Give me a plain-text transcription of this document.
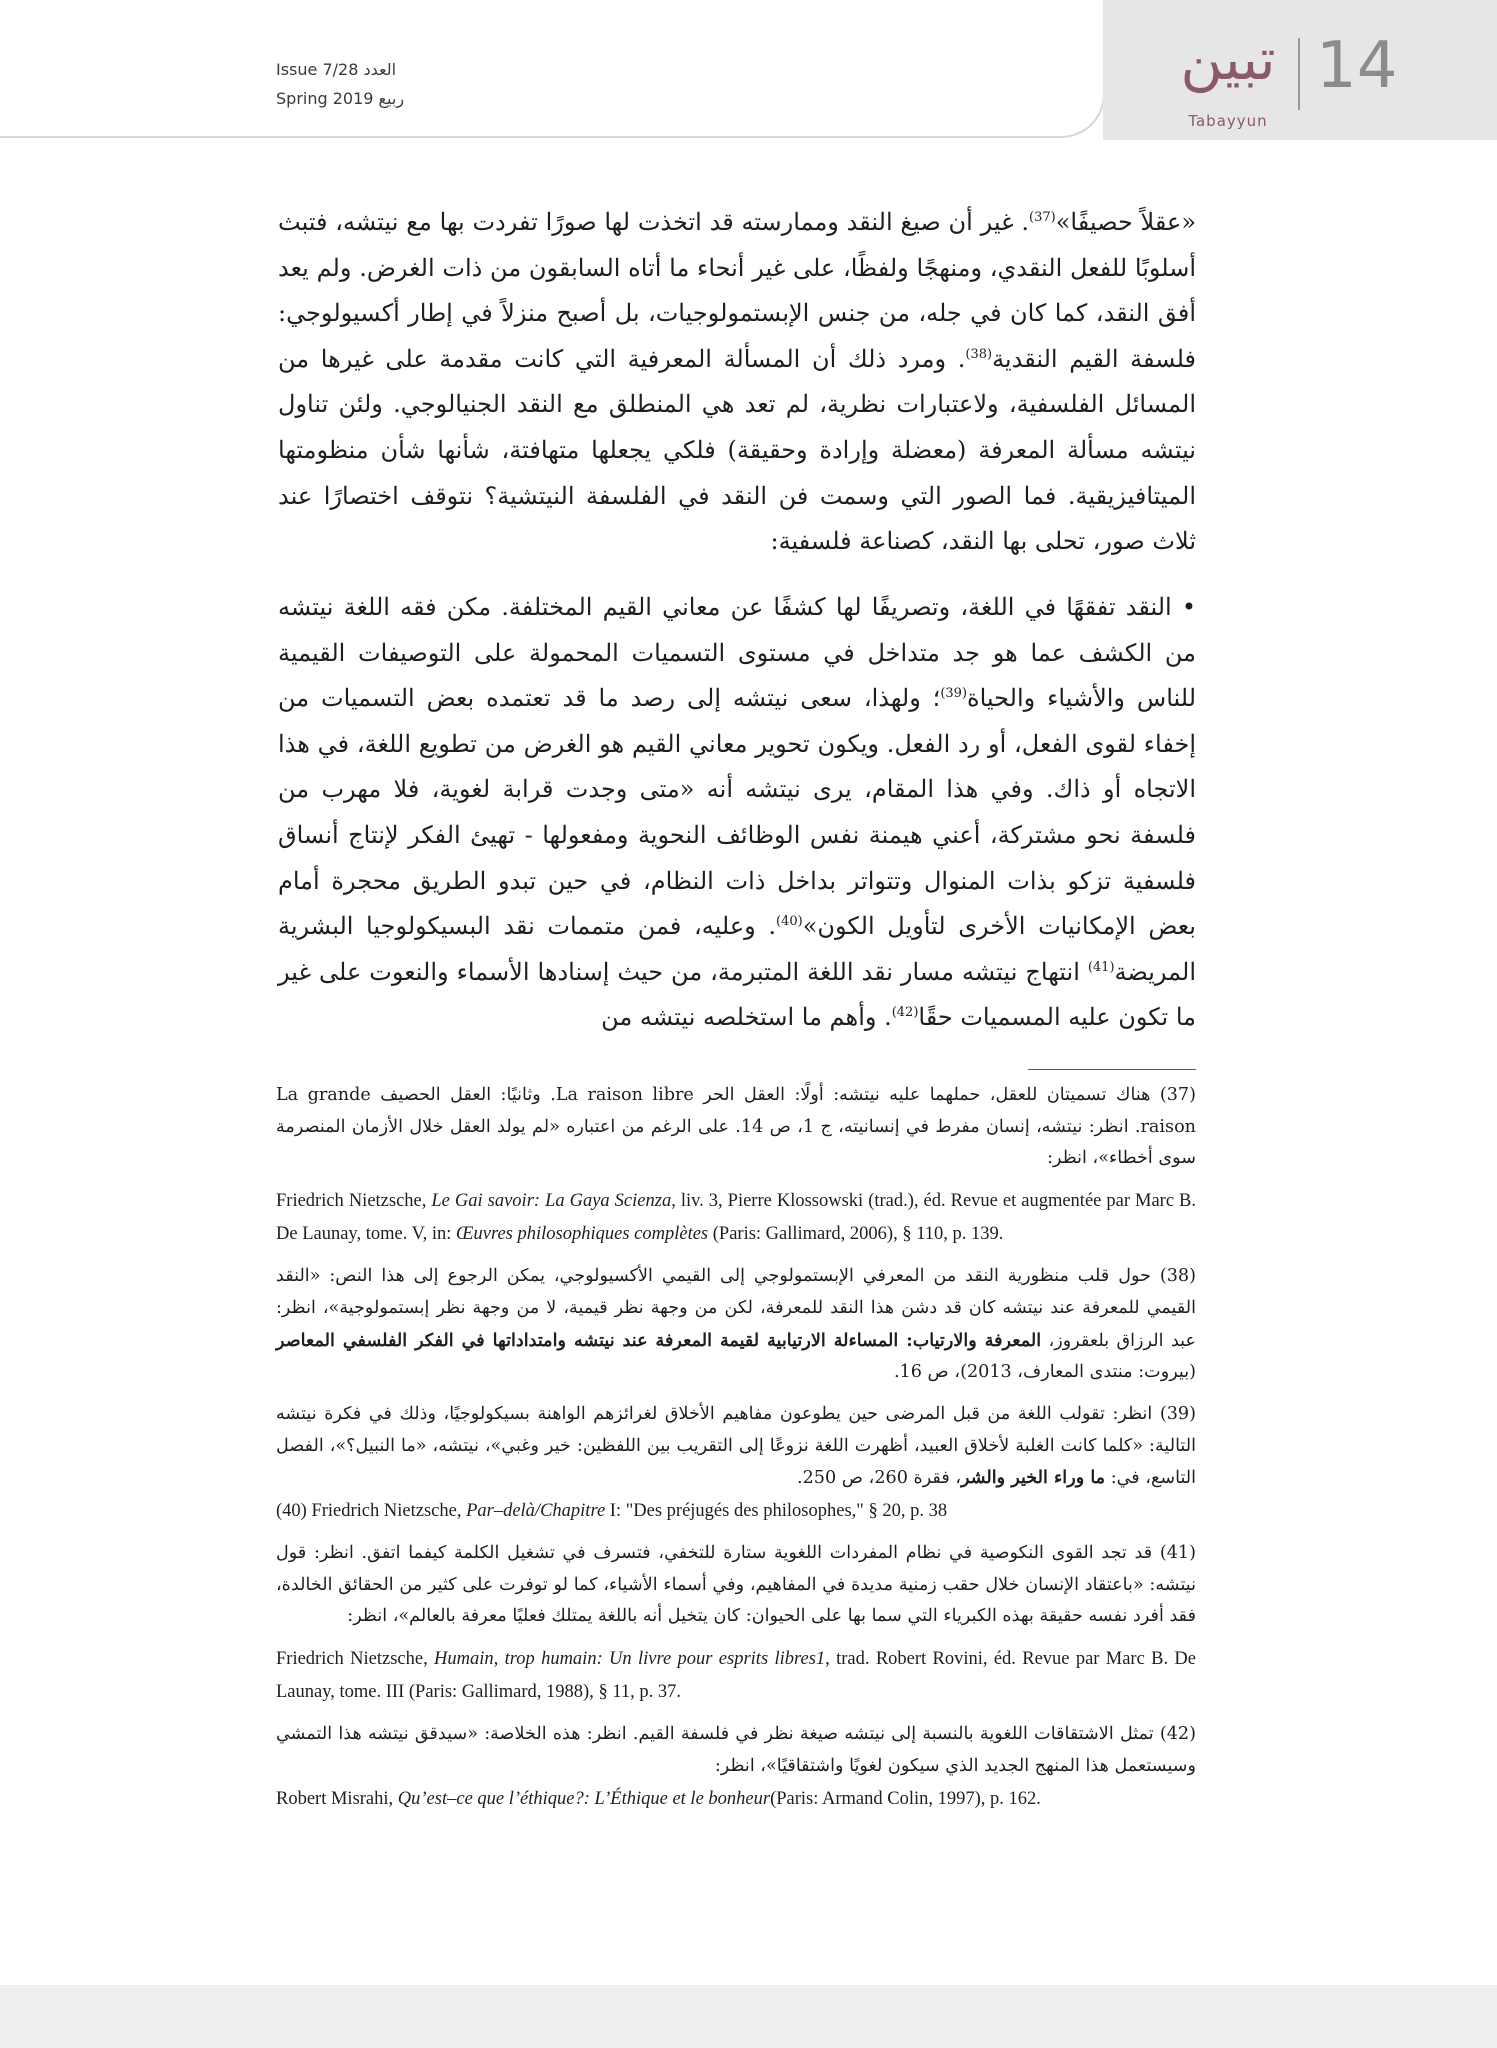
تبين
Tabayyun
14
Issue 7/28 العدد
Spring 2019 ربيع

«عقلاً حصيفًا»$^{(37)}$. غير أن صيغ النقد وممارسته قد اتخذت لها صورًا تفردت بها مع نيتشه، فتبث أسلوبًا للفعل النقدي، ومنهجًا ولفظًا، على غير أنحاء ما أتاه السابقون من ذات الغرض. ولم يعد أفق النقد، كما كان في جله، من جنس الإبستمولوجيات، بل أصبح منزلاً في إطار أكسيولوجي: فلسفة القيم النقدية$^{(38)}$. ومرد ذلك أن المسألة المعرفية التي كانت مقدمة على غيرها من المسائل الفلسفية، ولاعتبارات نظرية، لم تعد هي المنطلق مع النقد الجنيالوجي. ولئن تناول نيتشه مسألة المعرفة (معضلة وإرادة وحقيقة) فلكي يجعلها متهافتة، شأنها شأن منظومتها الميتافيزيقية. فما الصور التي وسمت فن النقد في الفلسفة النيتشية؟ نتوقف اختصارًا عند ثلاث صور، تحلى بها النقد، كصناعة فلسفية:

• النقد تفقهًا في اللغة، وتصريفًا لها كشفًا عن معاني القيم المختلفة. مكن فقه اللغة نيتشه من الكشف عما هو جد متداخل في مستوى التسميات المحمولة على التوصيفات القيمية للناس والأشياء والحياة$^{(39)}$؛ ولهذا، سعى نيتشه إلى رصد ما قد تعتمده بعض التسميات من إخفاء لقوى الفعل، أو رد الفعل. ويكون تحوير معاني القيم هو الغرض من تطويع اللغة، في هذا الاتجاه أو ذاك. وفي هذا المقام، يرى نيتشه أنه «متى وجدت قرابة لغوية، فلا مهرب من فلسفة نحو مشتركة، أعني هيمنة نفس الوظائف النحوية ومفعولها - تهيئ الفكر لإنتاج أنساق فلسفية تزكو بذات المنوال وتتواتر بداخل ذات النظام، في حين تبدو الطريق محجرة أمام بعض الإمكانيات الأخرى لتأويل الكون»$^{(40)}$. وعليه، فمن متممات نقد البسيكولوجيا البشرية المريضة$^{(41)}$ انتهاج نيتشه مسار نقد اللغة المتبرمة، من حيث إسنادها الأسماء والنعوت على غير ما تكون عليه المسميات حقًا$^{(42)}$. وأهم ما استخلصه نيتشه من

(37) هناك تسميتان للعقل، حملهما عليه نيتشه: أولًا: العقل الحر La raison libre. وثانيًا: العقل الحصيف La grande raison. انظر: نيتشه، إنسان مفرط في إنسانيته، ج 1، ص 14. على الرغم من اعتباره «لم يولد العقل خلال الأزمان المنصرمة سوى أخطاء»، انظر:

Friedrich Nietzsche, Le Gai savoir: La Gaya Scienza, liv. 3, Pierre Klossowski (trad.), éd. Revue et augmentée par Marc B. De Launay, tome. V, in: Œuvres philosophiques complètes (Paris: Gallimard, 2006), § 110, p. 139.

(38) حول قلب منظورية النقد من المعرفي الإبستمولوجي إلى القيمي الأكسيولوجي، يمكن الرجوع إلى هذا النص: «النقد القيمي للمعرفة عند نيتشه كان قد دشن هذا النقد للمعرفة، لكن من وجهة نظر قيمية، لا من وجهة نظر إبستمولوجية»، انظر: عبد الرزاق بلعقروز، المعرفة والارتياب: المساءلة الارتيابية لقيمة المعرفة عند نيتشه وامتداداتها في الفكر الفلسفي المعاصر (بيروت: منتدى المعارف، 2013)، ص 16.

(39) انظر: تقولب اللغة من قبل المرضى حين يطوعون مفاهيم الأخلاق لغرائزهم الواهنة بسيكولوجيًا، وذلك في فكرة نيتشه التالية: «كلما كانت الغلبة لأخلاق العبيد، أظهرت اللغة نزوعًا إلى التقريب بين اللفظين: خير وغبي»، نيتشه، «ما النبيل؟»، الفصل التاسع، في: ما وراء الخير والشر، فقرة 260، ص 250.

(40) Friedrich Nietzsche, Par–delà/Chapitre I: "Des préjugés des philosophes," § 20, p. 38

(41) قد تجد القوى النكوصية في نظام المفردات اللغوية ستارة للتخفي، فتسرف في تشغيل الكلمة كيفما اتفق. انظر: قول نيتشه: «باعتقاد الإنسان خلال حقب زمنية مديدة في المفاهيم، وفي أسماء الأشياء، كما لو توفرت على كثير من الحقائق الخالدة، فقد أفرد نفسه حقيقة بهذه الكبرياء التي سما بها على الحيوان: كان يتخيل أنه باللغة يمتلك فعليًا معرفة بالعالم»، انظر:

Friedrich Nietzsche, Humain, trop humain: Un livre pour esprits libres1, trad. Robert Rovini, éd. Revue par Marc B. De Launay, tome. III (Paris: Gallimard, 1988), § 11, p. 37.

(42) تمثل الاشتقاقات اللغوية بالنسبة إلى نيتشه صيغة نظر في فلسفة القيم. انظر: هذه الخلاصة: «سيدقق نيتشه هذا التمشي وسيستعمل هذا المنهج الجديد الذي سيكون لغويًا واشتقاقيًا»، انظر:

Robert Misrahi, Qu’est–ce que l’éthique?: L’Éthique et le bonheur(Paris: Armand Colin, 1997), p. 162.
